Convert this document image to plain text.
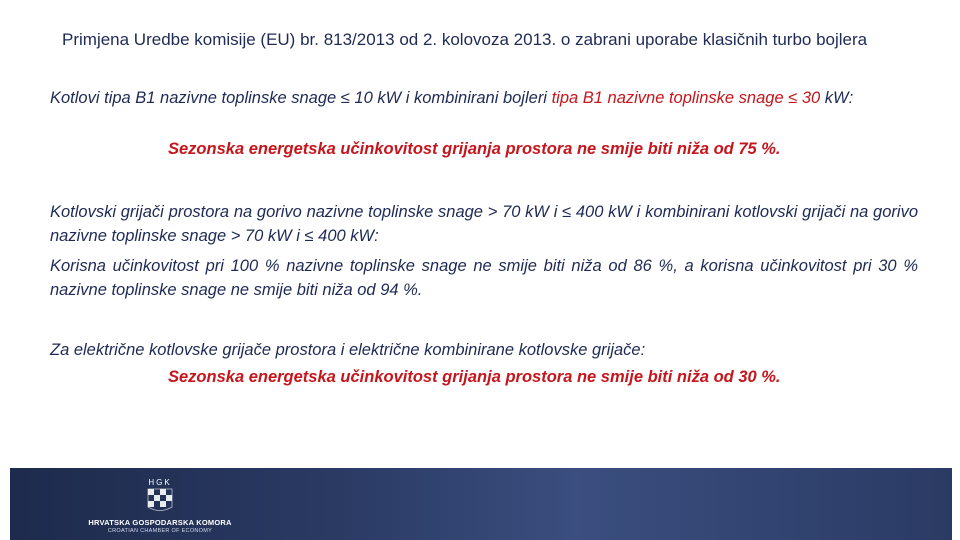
Primjena Uredbe komisije (EU) br. 813/2013 od 2. kolovoza 2013. o zabrani uporabe klasičnih turbo bojlera
Kotlovi tipa B1 nazivne toplinske snage ≤ 10 kW i kombinirani bojleri tipa B1 nazivne toplinske snage ≤ 30 kW:
Sezonska energetska učinkovitost grijanja prostora ne smije biti niža od 75 %.
Kotlovski grijači prostora na gorivo nazivne toplinske snage > 70 kW i ≤ 400 kW i kombinirani kotlovski grijači na gorivo nazivne toplinske snage > 70 kW i ≤ 400 kW:
Korisna učinkovitost pri 100 % nazivne toplinske snage ne smije biti niža od 86 %, a korisna učinkovitost pri 30 % nazivne toplinske snage ne smije biti niža od 94 %.
Za električne kotlovske grijače prostora i električne kombinirane kotlovske grijače:
Sezonska energetska učinkovitost grijanja prostora ne smije biti niža od 30 %.
HGK
HRVATSKA GOSPODARSKA KOMORA
CROATIAN CHAMBER OF ECONOMY
